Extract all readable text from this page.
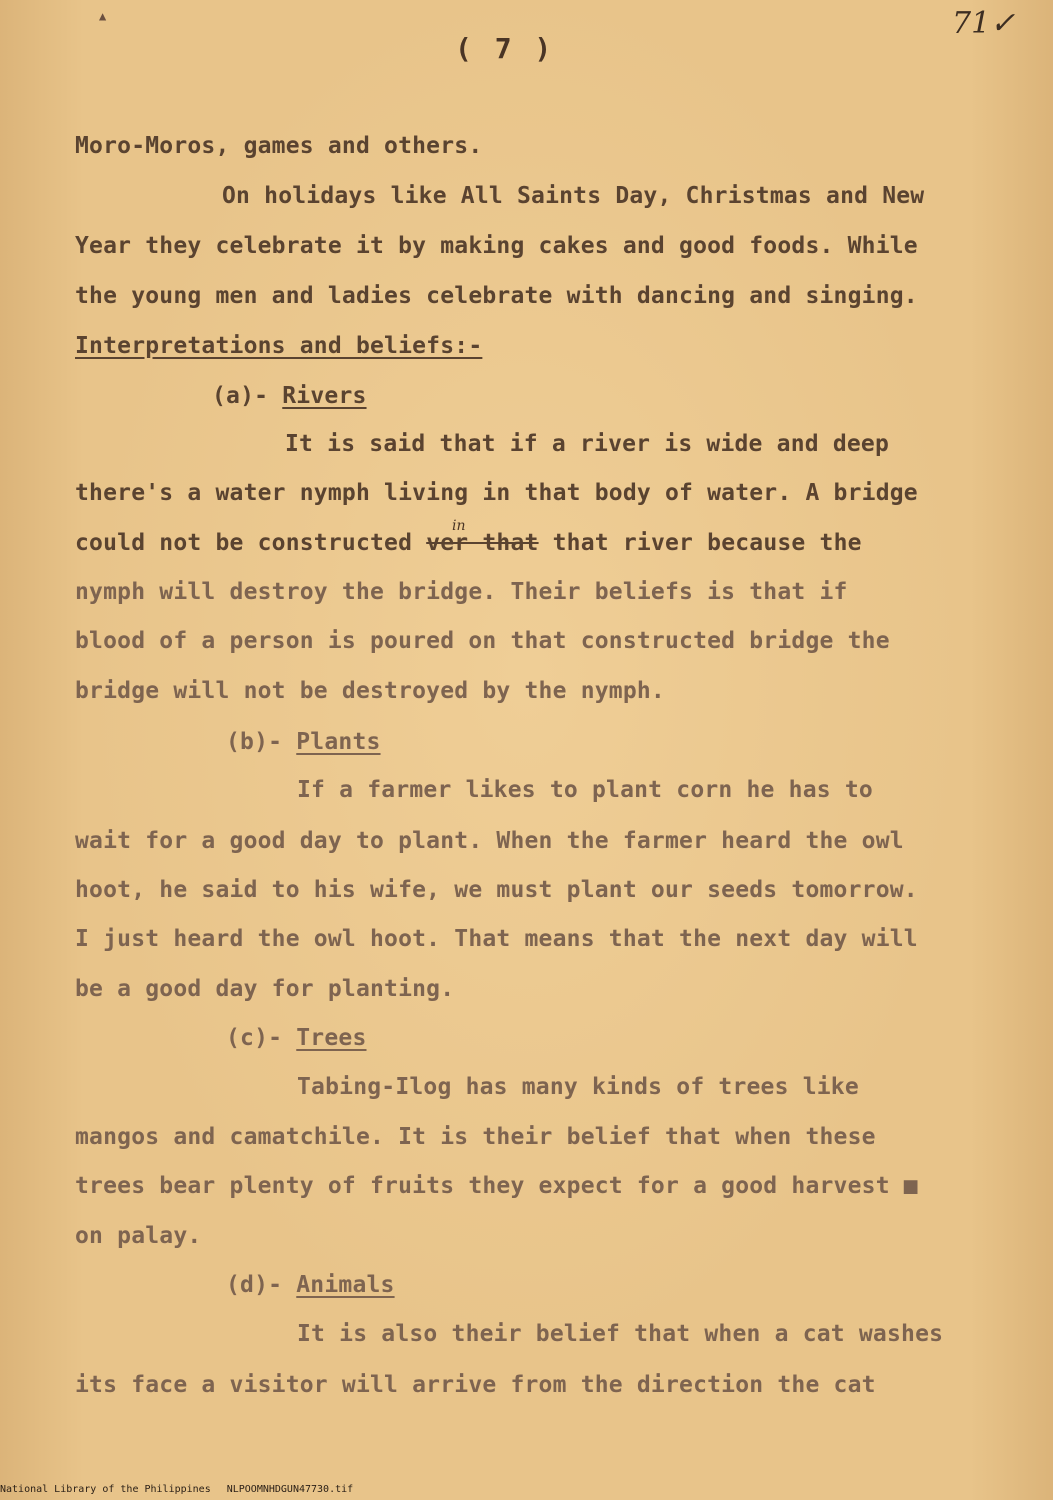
▲
( 7 )
71✓
Moro-Moros, games and others.
On holidays like All Saints Day, Christmas and New
Year they celebrate it by making cakes and good foods. While
the young men and ladies celebrate with dancing and singing.
Interpretations and beliefs:-
(a)- Rivers
It is said that if a river is wide and deep
there's a water nymph living in that body of water. A bridge
in
could not be constructed ver that that river because the
nymph will destroy the bridge. Their beliefs is that if
blood of a person is poured on that constructed bridge the
bridge will not be destroyed by the nymph.
(b)- Plants
If a farmer likes to plant corn he has to
wait for a good day to plant. When the farmer heard the owl
hoot, he said to his wife, we must plant our seeds tomorrow.
I just heard the owl hoot. That means that the next day will
be a good day for planting.
(c)- Trees
Tabing-Ilog has many kinds of trees like
mangos and camatchile. It is their belief that when these
trees bear plenty of fruits they expect for a good harvest ■
on palay.
(d)- Animals
It is also their belief that when a cat washes
its face a visitor will arrive from the direction the cat
National Library of the Philippines NLPOOMNHDGUN47730.tif
